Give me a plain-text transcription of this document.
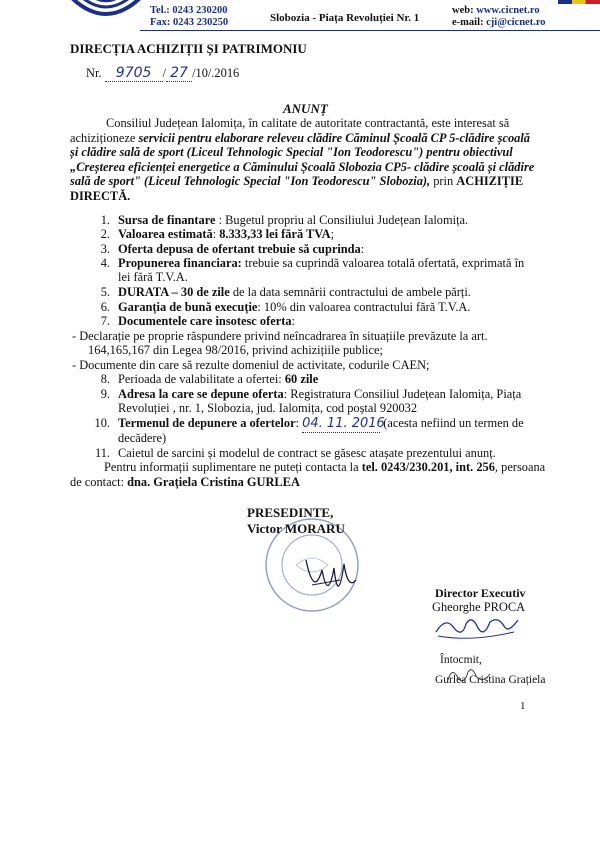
Tel.: 0243 230200
Fax: 0243 230250	Slobozia - Piața Revoluției Nr. 1
web: www.cicnet.ro
e-mail: cji@cicnet.ro
DIRECȚIA ACHIZIȚII ȘI PATRIMONIU
Nr. 9705 / 27 /10/.2016
ANUNȚ
Consiliul Județean Ialomița, în calitate de autoritate contractantă, este interesat să
achiziționeze servicii pentru elaborare releveu clădire Căminul Școală CP 5-clădire școală
și clădire sală de sport (Liceul Tehnologic Special "Ion Teodorescu") pentru obiectivul
„Creșterea eficienței energetice a Căminului Școală Slobozia CP5- clădire școală și clădire
sală de sport" (Liceul Tehnologic Special "Ion Teodorescu" Slobozia), prin ACHIZIȚIE
DIRECTĂ.
1. Sursa de finantare : Bugetul propriu al Consiliului Județean Ialomița.
2. Valoarea estimată: 8.333,33 lei fără TVA;
3. Oferta depusa de ofertant trebuie să cuprinda:
4. Propunerea financiara: trebuie sa cuprindă valoarea totală ofertată, exprimată în
lei fără T.V.A.
5. DURATA – 30 de zile de la data semnării contractului de ambele părți.
6. Garanția de bună execuție: 10% din valoarea contractului fără T.V.A.
7. Documentele care insotesc oferta:
- Declarație pe proprie răspundere privind neîncadrarea în situațiile prevăzute la art.
164,165,167 din Legea 98/2016, privind achizițiile publice;
- Documente din care să rezulte domeniul de activitate, codurile CAEN;
8. Perioada de valabilitate a ofertei: 60 zile
9. Adresa la care se depune oferta: Registratura Consiliul Județean Ialomița, Piața
Revoluției , nr. 1, Slobozia, jud. Ialomița, cod poștal 920032
10. Termenul de depunere a ofertelor: 04. 11. 2016 (acesta nefiind un termen de
decădere)
11. Caietul de sarcini și modelul de contract se găsesc atașate prezentului anunț.
Pentru informații suplimentare ne puteți contacta la tel. 0243/230.201, int. 256, persoana
de contact: dna. Grațiela Cristina GURLEA
PRESEDINTE,
Victor MORARU
Director Executiv
Gheorghe PROCA
Întocmit,
Gurlea Cristina Grațiela
1
